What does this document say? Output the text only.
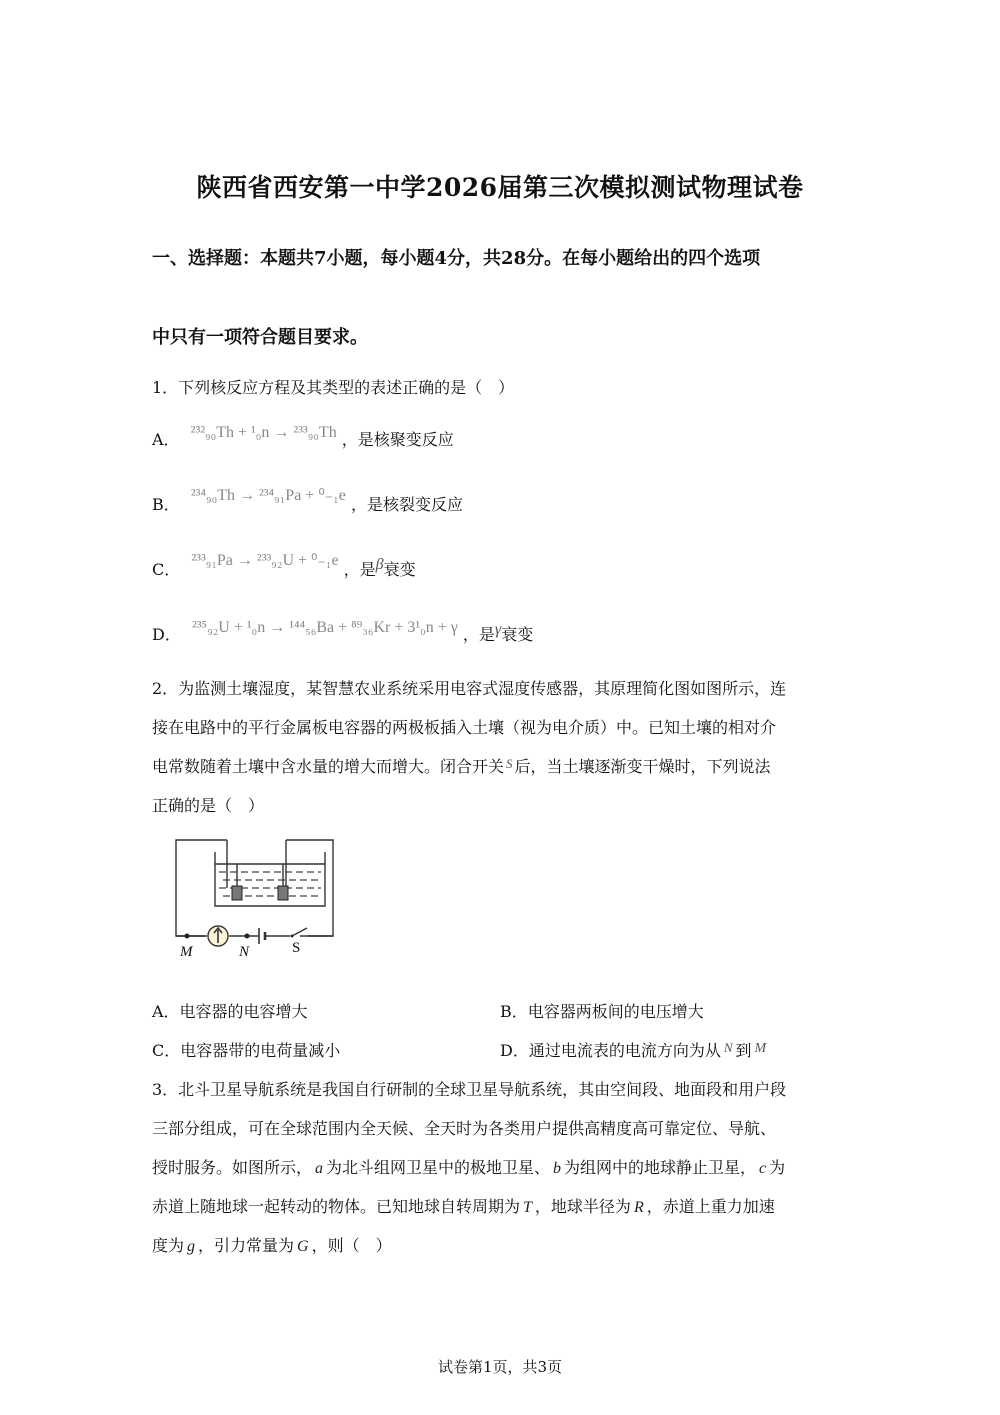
陕西省西安第一中学2026届第三次模拟测试物理试卷
一、选择题：本题共7小题，每小题4分，共28分。在每小题给出的四个选项
中只有一项符合题目要求。
1．下列核反应方程及其类型的表述正确的是（　）
A． ²³²₉₀Th + ¹₀n → ²³³₉₀Th ，是核聚变反应
B． ²³⁴₉₀Th → ²³⁴₉₁Pa + ⁰₋₁e ，是核裂变反应
C． ²³³₉₁Pa → ²³³₉₂U + ⁰₋₁e ，是β衰变
D． ²³⁵₉₂U + ¹₀n → ¹⁴⁴₅₆Ba + ⁸⁹₃₆Kr + 3¹₀n + γ ，是γ衰变
2．为监测土壤湿度，某智慧农业系统采用电容式湿度传感器，其原理简化图如图所示，连
接在电路中的平行金属板电容器的两极板插入土壤（视为电介质）中。已知土壤的相对介
电常数随着土壤中含水量的增大而增大。闭合开关 $^S$ 后，当土壤逐渐变干燥时，下列说法
正确的是（　）
M	N	S
A．电容器的电容增大	B．电容器两板间的电压增大
C．电容器带的电荷量减小	D．通过电流表的电流方向为从 $^N$ 到 M
3．北斗卫星导航系统是我国自行研制的全球卫星导航系统，其由空间段、地面段和用户段
三部分组成，可在全球范围内全天候、全天时为各类用户提供高精度高可靠定位、导航、
授时服务。如图所示， a 为北斗组网卫星中的极地卫星、 b 为组网中的地球静止卫星， c 为
赤道上随地球一起转动的物体。已知地球自转周期为 T ，地球半径为 R ，赤道上重力加速
度为 g ，引力常量为 G ，则（　）
试卷第1页，共3页
